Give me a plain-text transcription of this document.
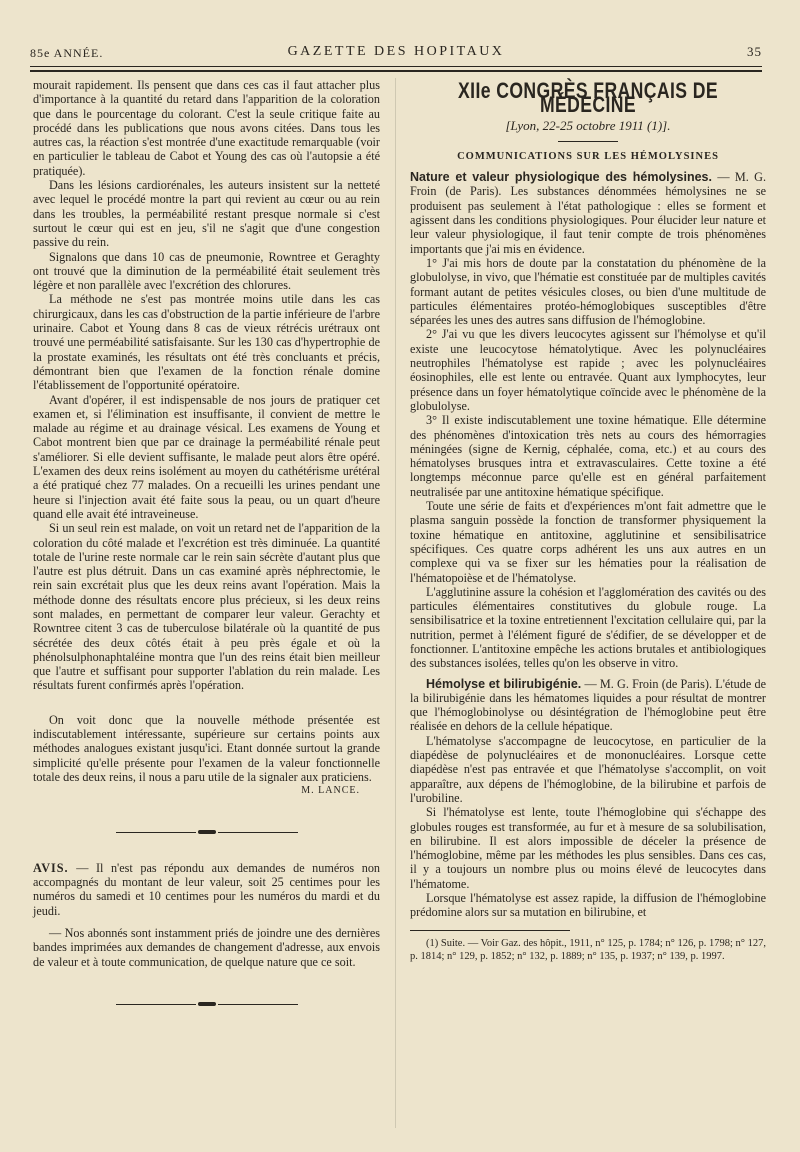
85e ANNÉE.	GAZETTE DES HOPITAUX	35

mourait rapidement. Ils pensent que dans ces cas il faut attacher plus d'importance à la quantité du retard dans l'apparition de la coloration que dans le pourcentage du colorant. C'est la seule critique faite au procédé dans les publications que nous avons citées. Dans tous les autres cas, la réaction s'est montrée d'une exactitude remarquable (voir en particulier le tableau de Cabot et Young des cas où l'autopsie a été pratiquée).

Dans les lésions cardiorénales, les auteurs insistent sur la netteté avec lequel le procédé montre la part qui revient au cœur ou au rein dans les troubles, la perméabilité restant presque normale si c'est surtout le cœur qui est en jeu, s'il ne s'agit que d'une congestion passive du rein.

Signalons que dans 10 cas de pneumonie, Rowntree et Geraghty ont trouvé que la diminution de la perméabilité était seulement très légère et non parallèle avec l'excrétion des chlorures.

La méthode ne s'est pas montrée moins utile dans les cas chirurgicaux, dans les cas d'obstruction de la partie inférieure de l'arbre urinaire. Cabot et Young dans 8 cas de vieux rétrécis urétraux ont trouvé une perméabilité satisfaisante. Sur les 130 cas d'hypertrophie de la prostate examinés, les résultats ont été très concluants et précis, démontrant bien que l'examen de la fonction rénale domine l'établissement de l'opportunité opératoire.

Avant d'opérer, il est indispensable de nos jours de pratiquer cet examen et, si l'élimination est insuffisante, il convient de mettre le malade au régime et au drainage vésical. Les examens de Young et Cabot montrent bien que par ce drainage la perméabilité rénale peut s'améliorer. Si elle devient suffisante, le malade peut alors être opéré. L'examen des deux reins isolément au moyen du cathétérisme urétéral a été pratiqué chez 77 malades. On a recueilli les urines pendant une heure si l'injection avait été faite sous la peau, ou un quart d'heure quand elle avait été intraveineuse.

Si un seul rein est malade, on voit un retard net de l'apparition de la coloration du côté malade et l'excrétion est très diminuée. La quantité totale de l'urine reste normale car le rein sain sécrète d'autant plus que l'autre est plus détruit. Dans un cas examiné après néphrectomie, le rein sain excrétait plus que les deux reins avant l'opération. Mais la méthode donne des résultats encore plus précieux, si les deux reins sont malades, en permettant de comparer leur valeur. Gerachty et Rowntree citent 3 cas de tuberculose bilatérale où la quantité de pus sécrétée des deux côtés était à peu près égale et où la phénolsulphonaphtaléine montra que l'un des reins était bien meilleur que l'autre et suffisant pour supporter l'ablation du rein malade. Les résultats furent confirmés après l'opération.

On voit donc que la nouvelle méthode présentée est indiscutablement intéressante, supérieure sur certains points aux méthodes analogues existant jusqu'ici. Etant donnée surtout la grande simplicité qu'elle présente pour l'examen de la valeur fonctionnelle totale des deux reins, il nous a paru utile de la signaler aux praticiens.

M. LANCE.

AVIS. — Il n'est pas répondu aux demandes de numéros non accompagnés du montant de leur valeur, soit 25 centimes pour les numéros du samedi et 10 centimes pour les numéros du mardi et du jeudi.

— Nos abonnés sont instamment priés de joindre une des dernières bandes imprimées aux demandes de changement d'adresse, aux envois de valeur et à toute communication, de quelque nature que ce soit.

XIIe CONGRÈS FRANÇAIS DE MÉDECINE
[Lyon, 22-25 octobre 1911 (1)].
COMMUNICATIONS SUR LES HÉMOLYSINES

Nature et valeur physiologique des hémolysines. — M. G. Froin (de Paris). Les substances dénommées hémolysines ne se produisent pas seulement à l'état pathologique : elles se forment et agissent dans les conditions physiologiques. Pour élucider leur nature et leur valeur physiologique, il faut tenir compte de trois phénomènes importants que j'ai mis en évidence.

1° J'ai mis hors de doute par la constatation du phénomène de la globulolyse, in vivo, que l'hématie est constituée par de multiples cavités formant autant de petites vésicules closes, ou bien d'une multitude de particules élémentaires protéo-hémoglobiques susceptibles d'être séparées les unes des autres sans diffusion de l'hémoglobine.

2° J'ai vu que les divers leucocytes agissent sur l'hémolyse et qu'il existe une leucocytose hématolytique. Avec les polynucléaires neutrophiles l'hématolyse est rapide ; avec les polynucléaires éosinophiles, elle est lente ou entravée. Quant aux lymphocytes, leur présence dans un foyer hématolytique coïncide avec le phénomène de la globulolyse.

3° Il existe indiscutablement une toxine hématique. Elle détermine des phénomènes d'intoxication très nets au cours des hémorragies méningées (signe de Kernig, céphalée, coma, etc.) et au cours des hématolyses brusques intra et extravasculaires. Cette toxine a été longtemps méconnue parce qu'elle est en général parfaitement neutralisée par une antitoxine hématique spécifique.

Toute une série de faits et d'expériences m'ont fait admettre que le plasma sanguin possède la fonction de transformer physiquement la toxine hématique en antitoxine, agglutinine et sensibilisatrice spécifiques. Ces quatre corps adhérent les uns aux autres en un complexe qui va se fixer sur les hématies pour la réalisation de l'hématopoièse et de l'hématolyse.

L'agglutinine assure la cohésion et l'agglomération des cavités ou des particules élémentaires constitutives du globule rouge. La sensibilisatrice et la toxine entretiennent l'excitation cellulaire qui, par la nutrition, permet à l'élément figuré de s'édifier, de se développer et de fonctionner. L'antitoxine empêche les actions brutales et antibiologiques des substances isolées, telles qu'on les observe in vitro.

Hémolyse et bilirubigénie. — M. G. Froin (de Paris). L'étude de la bilirubigénie dans les hématomes liquides a pour résultat de montrer que l'hémoglobinolyse ou désintégration de l'hémoglobine peut être réalisée en dehors de la cellule hépatique.

L'hématolyse s'accompagne de leucocytose, en particulier de la diapédèse de polynucléaires et de mononucléaires. Lorsque cette diapédèse n'est pas entravée et que l'hématolyse s'accomplit, on voit apparaître, aux dépens de l'hémoglobine, de la bilirubine et parfois de l'urobiline.

Si l'hématolyse est lente, toute l'hémoglobine qui s'échappe des globules rouges est transformée, au fur et à mesure de sa solubilisation, en bilirubine. Il est alors impossible de déceler la présence de l'hémoglobine, même par les méthodes les plus sensibles. Dans ces cas, il y a toujours un nombre plus ou moins élevé de leucocytes dans l'hématome.

Lorsque l'hématolyse est assez rapide, la diffusion de l'hémoglobine prédomine alors sur sa mutation en bilirubine, et

(1) Suite. — Voir Gaz. des hôpit., 1911, n° 125, p. 1784; n° 126, p. 1798; n° 127, p. 1814; n° 129, p. 1852; n° 132, p. 1889; n° 135, p. 1937; n° 139, p. 1997.
